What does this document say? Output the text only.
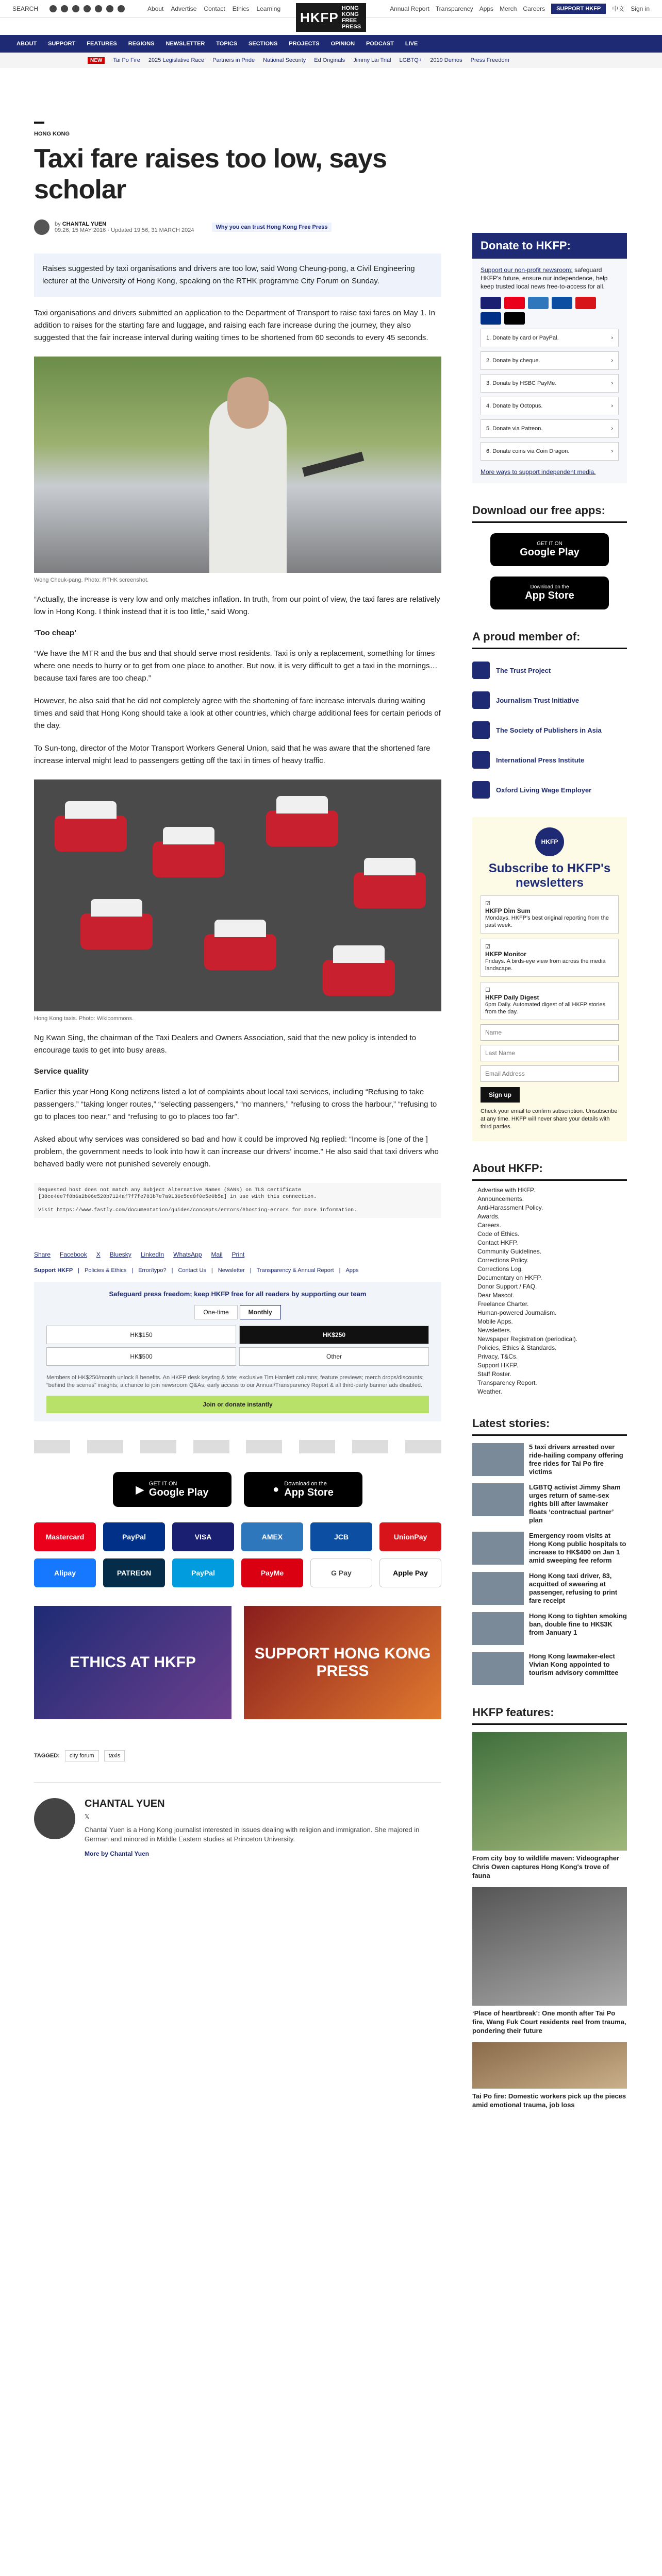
SEARCH	About Advertise Contact Ethics Learning
HKFP
HONG KONG
FREE PRESS
Annual Report Transparency Apps Merch Careers	SUPPORT HKFP	中文 Sign in
ABOUT SUPPORT FEATURES REGIONS NEWSLETTER TOPICS SECTIONS PROJECTS OPINION PODCAST LIVE
NEW	Tai Po Fire 2025 Legislative Race Partners in Pride National Security Ed Originals Jimmy Lai Trial LGBTQ+ 2019 Demos Press Freedom
HONG KONG
Taxi fare raises too low, says scholar
by CHANTAL YUEN
09:26, 15 MAY 2016 · Updated 19:56, 31 MARCH 2024	Why you can trust Hong Kong Free Press
Raises suggested by taxi organisations and drivers are too low, said Wong Cheung-pong, a Civil Engineering lecturer at the University of Hong Kong, speaking on the RTHK programme City Forum on Sunday.

Taxi organisations and drivers submitted an application to the Department of Transport to raise taxi fares on May 1. In addition to raises for the starting fare and luggage, and raising each fare increase during the journey, they also suggested that the fair increase interval during waiting times to be shortened from 60 seconds to every 45 seconds.

Wong Cheuk-pang. Photo: RTHK screenshot.

“Actually, the increase is very low and only matches inflation. In truth, from our point of view, the taxi fares are relatively low in Hong Kong. I think instead that it is too little,” said Wong.

‘Too cheap’

“We have the MTR and the bus and that should serve most residents. Taxi is only a replacement, something for times where one needs to hurry or to get from one place to another. But now, it is very difficult to get a taxi in the mornings… because taxi fares are too cheap.”

However, he also said that he did not completely agree with the shortening of fare increase intervals during waiting times and said that Hong Kong should take a look at other countries, which charge additional fees for certain periods of the day.

To Sun-tong, director of the Motor Transport Workers General Union, said that he was aware that the shortened fare increase interval might lead to passengers getting off the taxi in times of heavy traffic.

Hong Kong taxis. Photo: Wikicommons.

Ng Kwan Sing, the chairman of the Taxi Dealers and Owners Association, said that the new policy is intended to encourage taxis to get into busy areas.

Service quality

Earlier this year Hong Kong netizens listed a lot of complaints about local taxi services, including “Refusing to take passengers,” “taking longer routes,” “selecting passengers,” “no manners,” “refusing to cross the harbour,” “refusing to go to places too near,” and “refusing to go to places too far”.

Asked about why services was considered so bad and how it could be improved Ng replied: “Income is [one of the ] problem, the government needs to look into how it can increase our drivers’ income.” He also said that taxi drivers who behaved badly were not punished severely enough.

Requested host does not match any Subject Alternative Names (SANs) on TLS certificate [38ce4ee7f8b6a2b06e528b7124af7f7fe783b7e7a9136e5ce8f0e5e0b5a] in use with this connection.

Visit https://www.fastly.com/documentation/guides/concepts/errors/#hosting-errors for more information.
Share Facebook X Bluesky LinkedIn WhatsApp Mail Print
Support HKFP | Policies & Ethics | Error/typo? | Contact Us | Newsletter | Transparency & Annual Report | Apps
Safeguard press freedom; keep HKFP free for all readers by supporting our team
One-time	Monthly
HK$150	HK$250
HK$500	Other
Members of HK$250/month unlock 8 benefits. An HKFP desk keyring & tote; exclusive Tim Hamlett columns; feature previews; merch drops/discounts; “behind the scenes” insights; a chance to join newsroom Q&As; early access to our Annual/Transparency Report & all third-party banner ads disabled.
Join or donate instantly
▶
GET IT ON
Google Play	● Download on the
App Store
Mastercard	PayPal	VISA	AMEX	JCB	UnionPay
Alipay	PATREON	PayPal	PayMe	G Pay	Apple Pay
ETHICS AT HKFP
SUPPORT HONG KONG PRESS
TAGGED:	city forum	taxis
CHANTAL YUEN
𝕏
Chantal Yuen is a Hong Kong journalist interested in issues dealing with religion and immigration. She majored in German and minored in Middle Eastern studies at Princeton University.
More by Chantal Yuen
Donate to HKFP:
Support our non-profit newsroom: safeguard HKFP's future, ensure our independence, help keep trusted local news free-to-access for all.
1. Donate by card or PayPal.	›
2. Donate by cheque.	›
3. Donate by HSBC PayMe.	›
4. Donate by Octopus.	›
5. Donate via Patreon.	›
6. Donate coins via Coin Dragon.	›
More ways to support independent media.
Download our free apps:
GET IT ON
Google Play
Download on the
App Store
A proud member of:
The Trust Project
Journalism Trust Initiative
The Society of Publishers in Asia
International Press Institute
Oxford Living Wage Employer
HKFP
Subscribe to HKFP's newsletters
☑
HKFP Dim Sum
Mondays. HKFP's best original reporting from the past week.
☑
HKFP Monitor
Fridays. A birds-eye view from across the media landscape.
☐
HKFP Daily Digest
6pm Daily. Automated digest of all HKFP stories from the day.
Name Last Name Email Address
Sign up
Check your email to confirm subscription. Unsubscribe at any time. HKFP will never share your details with third parties.
About HKFP:
Advertise with HKFP.
Announcements.
Anti-Harassment Policy.
Awards.
Careers.
Code of Ethics.
Contact HKFP.
Community Guidelines.
Corrections Policy.
Corrections Log.
Documentary on HKFP.
Donor Support / FAQ.
Dear Mascot.
Freelance Charter.
Human-powered Journalism.
Mobile Apps.
Newsletters.
Newspaper Registration (periodical).
Policies, Ethics & Standards.
Privacy, T&Cs.
Support HKFP.
Staff Roster.
Transparency Report.
Weather.
Latest stories:
5 taxi drivers arrested over ride-hailing company offering free rides for Tai Po fire victims
LGBTQ activist Jimmy Sham urges return of same-sex rights bill after lawmaker floats ‘contractual partner’ plan
Emergency room visits at Hong Kong public hospitals to increase to HK$400 on Jan 1 amid sweeping fee reform
Hong Kong taxi driver, 83, acquitted of swearing at passenger, refusing to print fare receipt
Hong Kong to tighten smoking ban, double fine to HK$3K from January 1
Hong Kong lawmaker-elect Vivian Kong appointed to tourism advisory committee
HKFP features:
From city boy to wildlife maven: Videographer Chris Owen captures Hong Kong's trove of fauna
‘Place of heartbreak’: One month after Tai Po fire, Wang Fuk Court residents reel from trauma, pondering their future
Tai Po fire: Domestic workers pick up the pieces amid emotional trauma, job loss
